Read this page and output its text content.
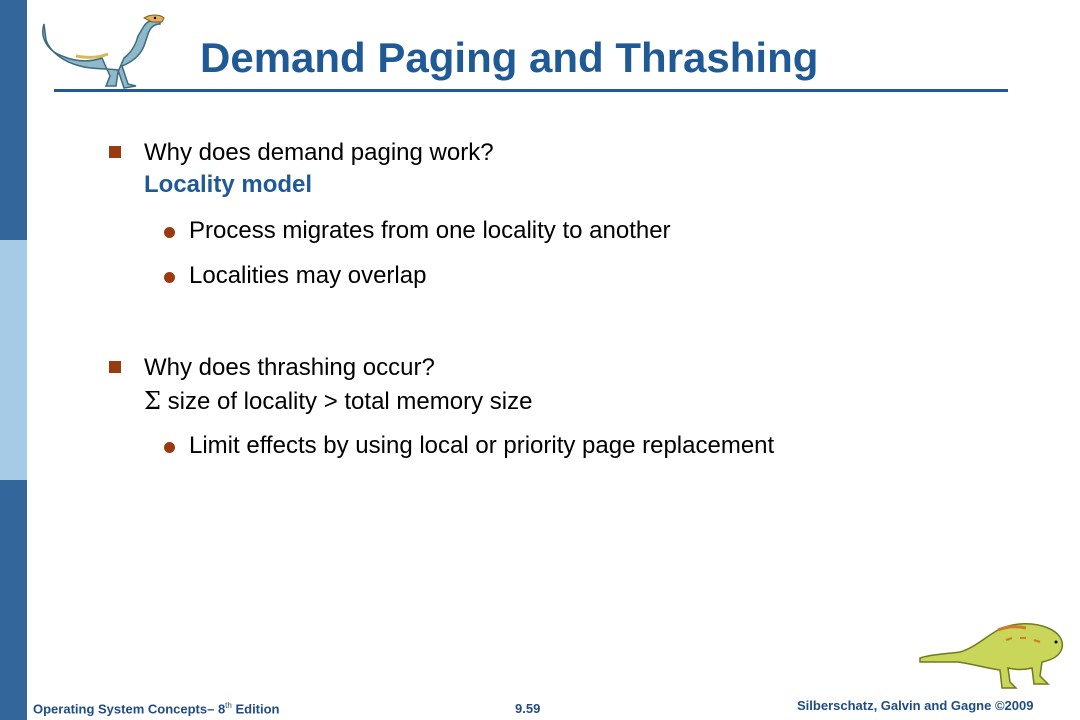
Demand Paging and Thrashing
Why does demand paging work?
Locality model
Process migrates from one locality to another
Localities may overlap
Why does thrashing occur?
Σ size of locality > total memory size
Limit effects by using local or priority page replacement
Operating System Concepts– 8th Edition	9.59	Silberschatz, Galvin and Gagne ©2009
